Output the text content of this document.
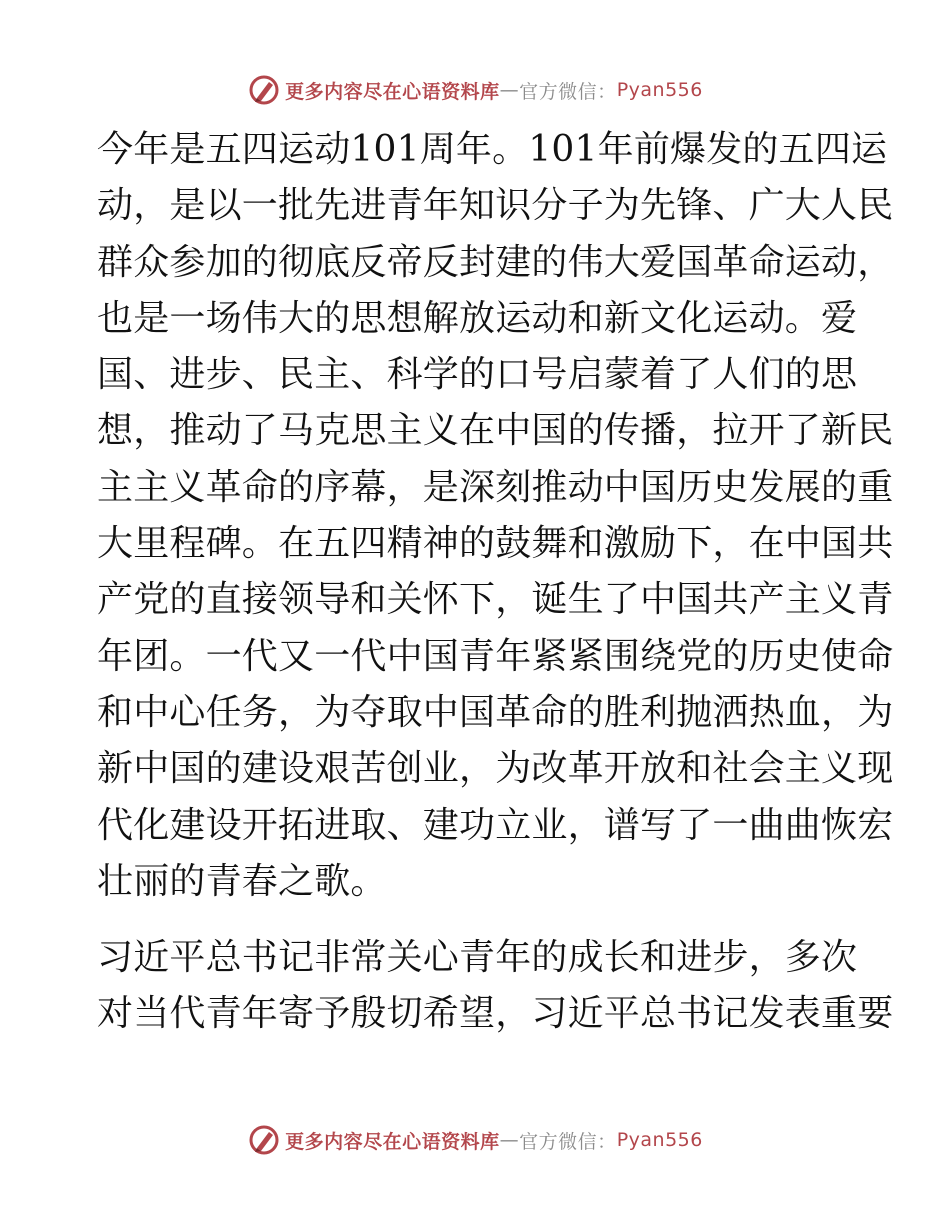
更多内容尽在心语资料库 — 官方微信： Pyan556
今年是五四运动101周年。101年前爆发的五四运
动，是以一批先进青年知识分子为先锋、广大人民
群众参加的彻底反帝反封建的伟大爱国革命运动，
也是一场伟大的思想解放运动和新文化运动。爱
国、进步、民主、科学的口号启蒙着了人们的思
想，推动了马克思主义在中国的传播，拉开了新民
主主义革命的序幕，是深刻推动中国历史发展的重
大里程碑。在五四精神的鼓舞和激励下，在中国共
产党的直接领导和关怀下，诞生了中国共产主义青
年团。一代又一代中国青年紧紧围绕党的历史使命
和中心任务，为夺取中国革命的胜利抛洒热血，为
新中国的建设艰苦创业，为改革开放和社会主义现
代化建设开拓进取、建功立业，谱写了一曲曲恢宏
壮丽的青春之歌。
习近平总书记非常关心青年的成长和进步，多次
对当代青年寄予殷切希望，习近平总书记发表重要
更多内容尽在心语资料库 — 官方微信： Pyan556
